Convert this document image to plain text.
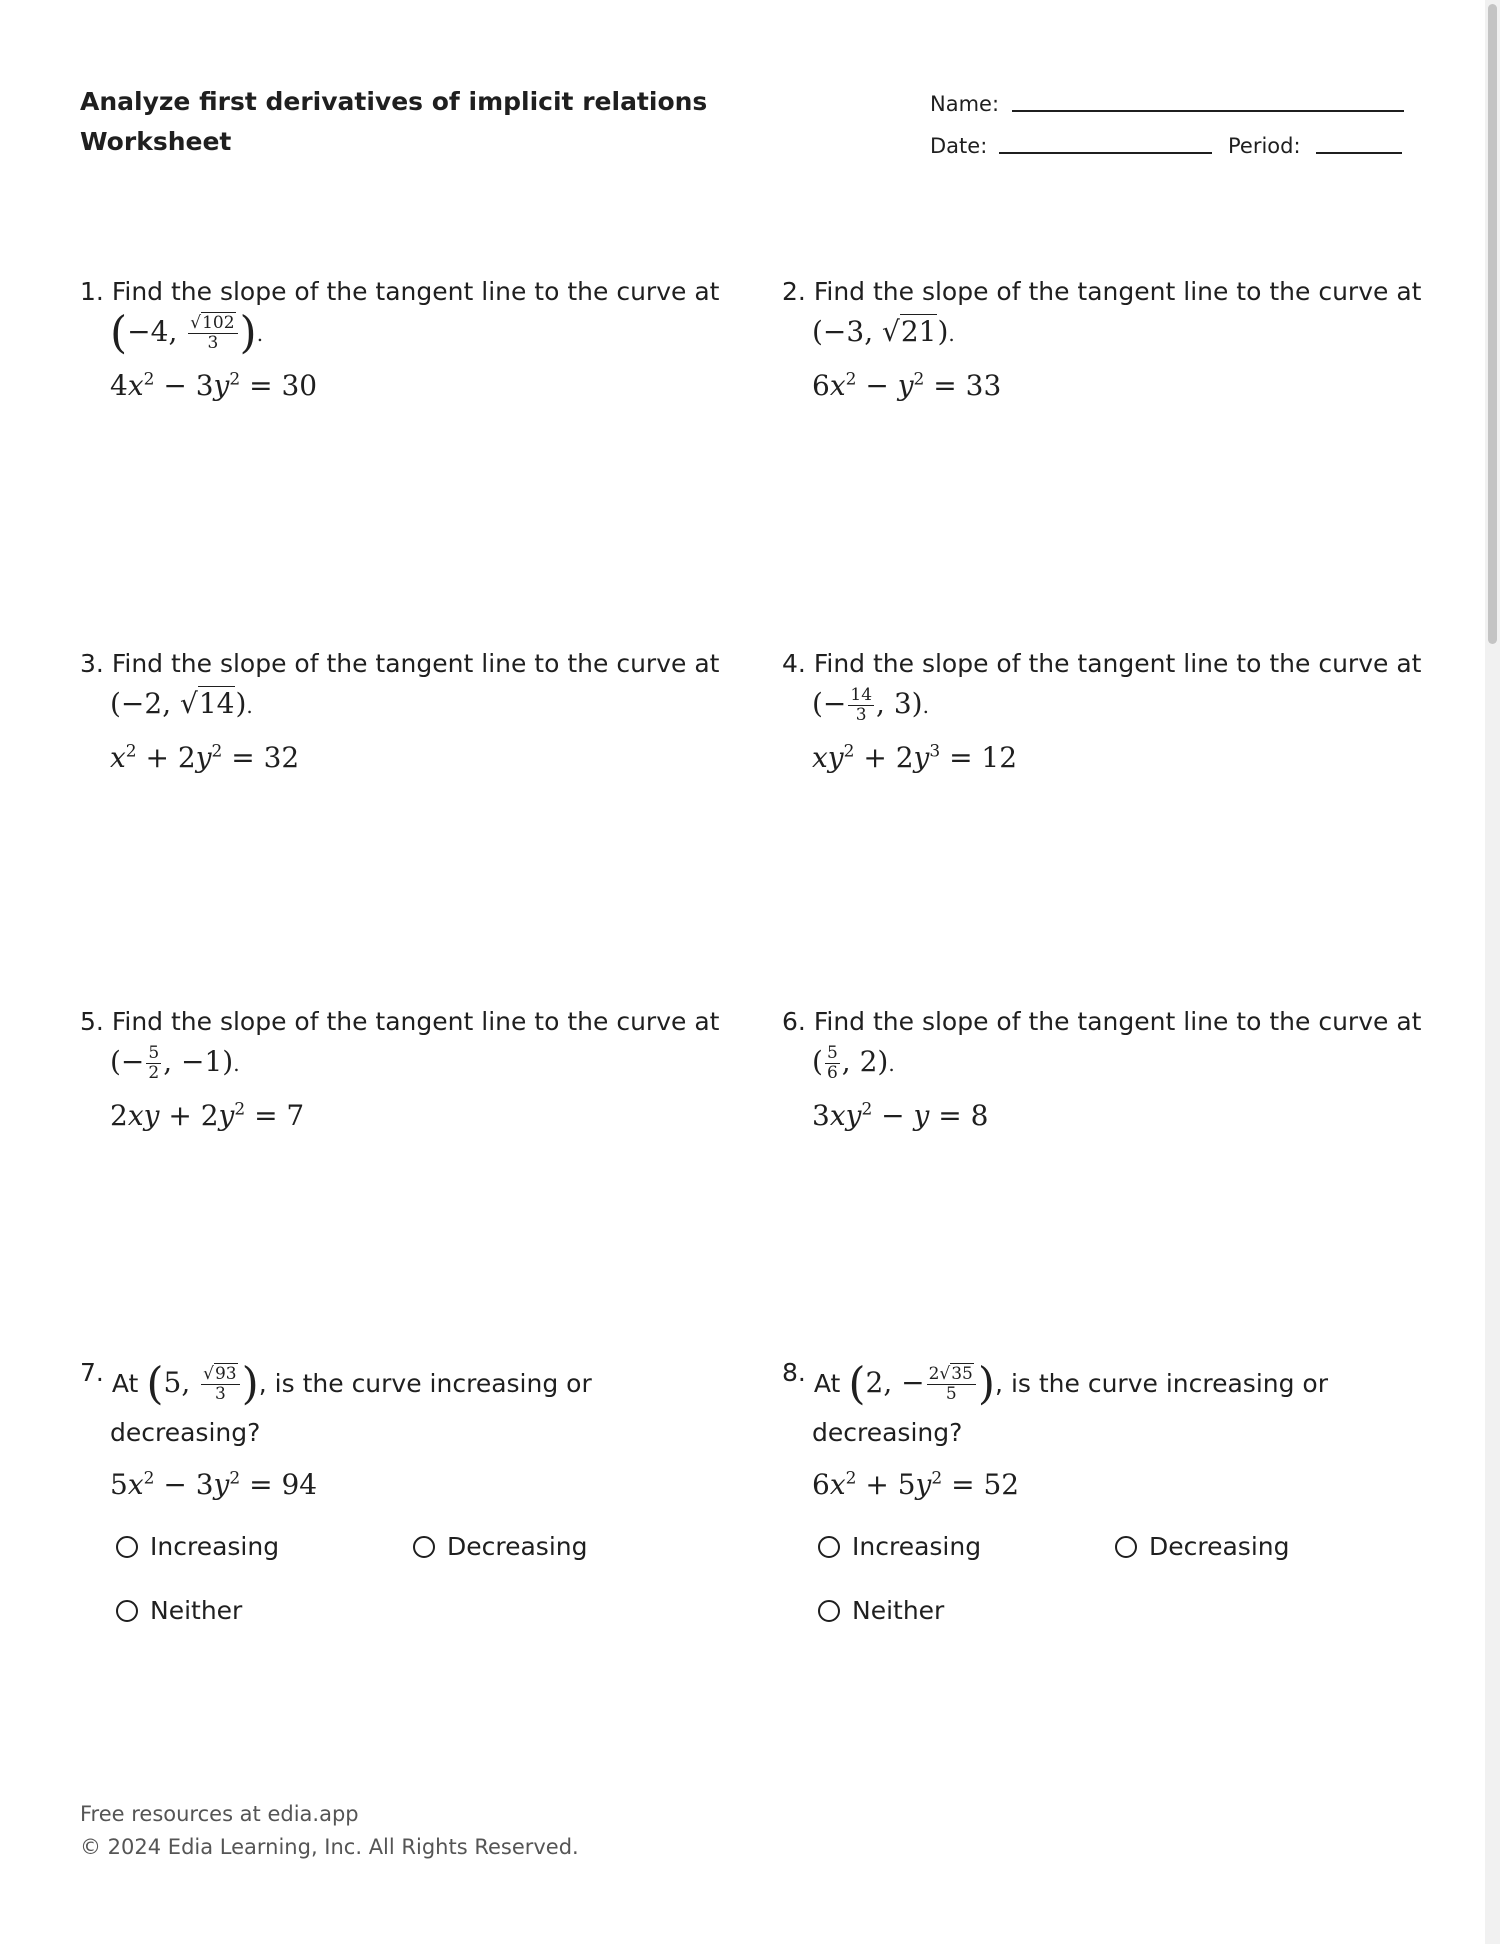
Analyze first derivatives of implicit relations
Worksheet
Name:
Date:	Period:
1. Find the slope of the tangent line to the curve at
(−4, $\frac{√102}{3}$ ).
$4x^2 - 3y^2 = 30$
2. Find the slope of the tangent line to the curve at
(−3, √21).
$6x^2 - y^2 = 33$
3. Find the slope of the tangent line to the curve at
(−2, √14).
$x^2 + 2y^2 = 32$
4. Find the slope of the tangent line to the curve at
(− $\frac{14}{3}$ , 3).
$xy^2 + 2y^3 = 12$
5. Find the slope of the tangent line to the curve at
(− $\frac{5}{2}$ , −1).
$2xy + 2y^2 = 7$
6. Find the slope of the tangent line to the curve at
( $\frac{5}{6}$ , 2).
$3xy^2 - y = 8$
7. At (5, $\frac{√93}{3}$ ) , is the curve increasing or
decreasing?
$5x^2 - 3y^2 = 94$
Increasing	Decreasing
Neither
8. At (2, − $\frac{2√35}{5}$ ) , is the curve increasing or
decreasing?
$6x^2 + 5y^2 = 52$
Increasing	Decreasing
Neither
Free resources at edia.app
© 2024 Edia Learning, Inc. All Rights Reserved.
